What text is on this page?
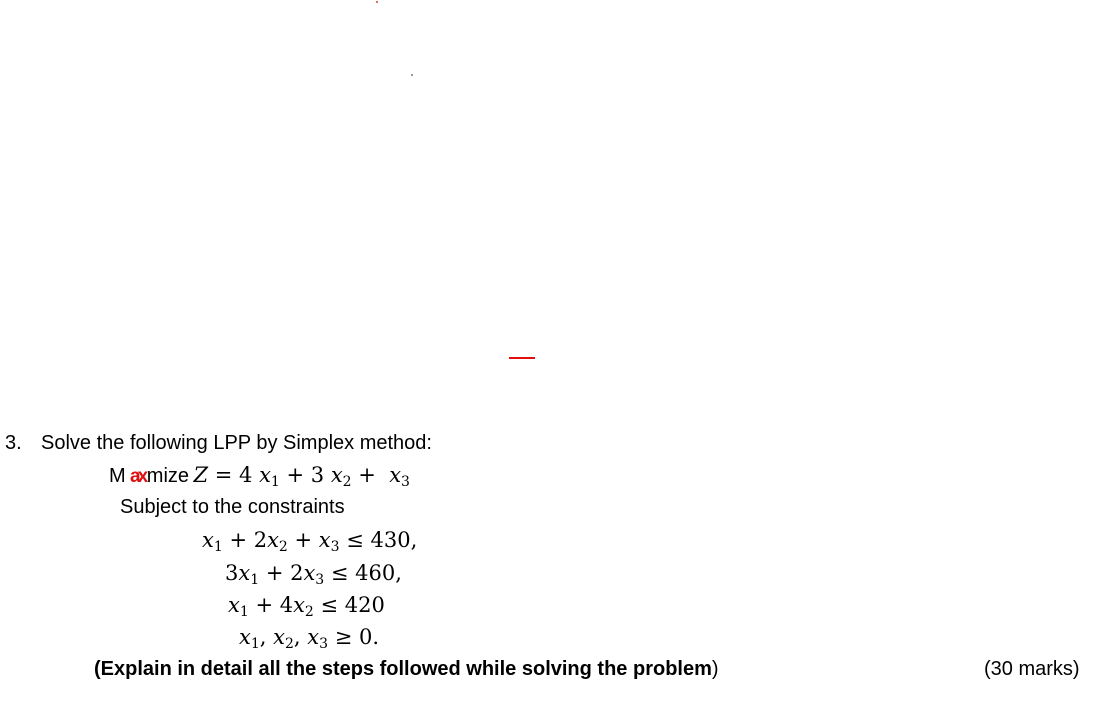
3. Solve the following LPP by Simplex method:
M mize
ax Z = 4 $x_1 + 3$ $x_2 + x_3$
Subject to the constraints
$x_1 + 2x_2 + x_3 \le 430$,
$3x_1 + 2x_3 \le 460$,
$x_1 + 4x_2 \le 420$
$x_1$, $x_2$, $x_3 \ge 0$.
(Explain in detail all the steps followed while solving the problem)	(30 marks)
